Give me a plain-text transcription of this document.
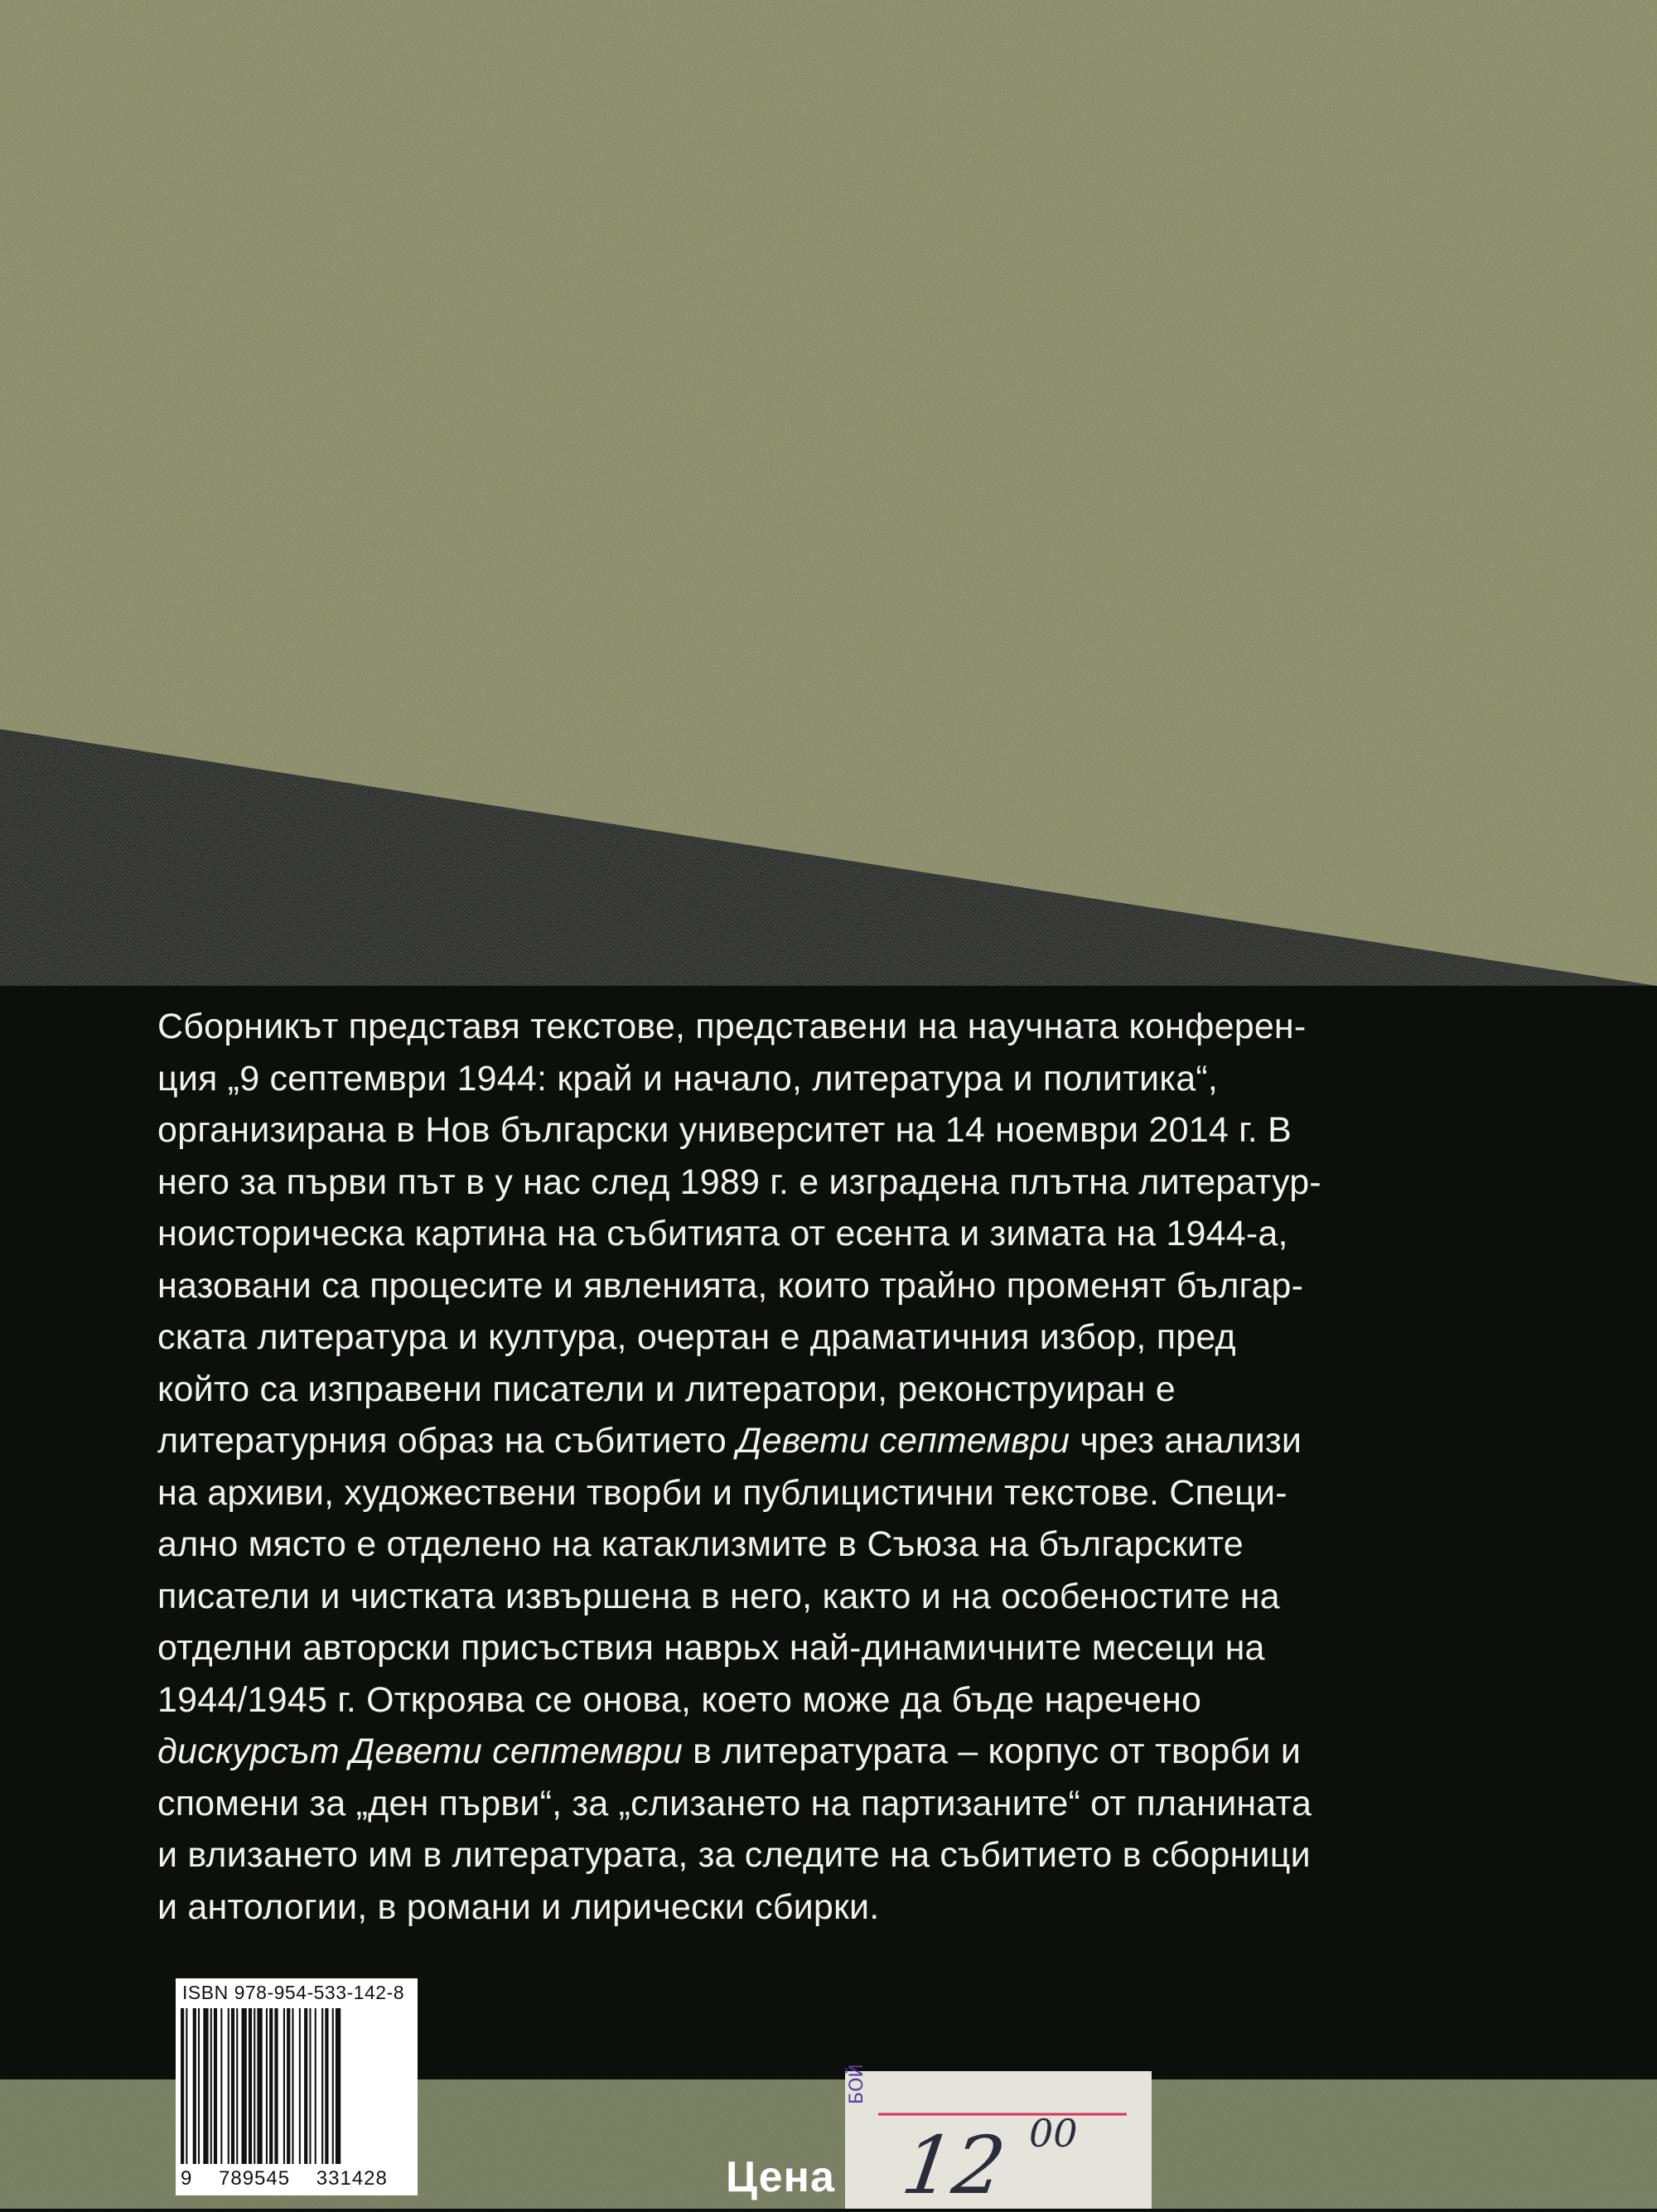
Сборникът представя текстове, представени на научната конферен-

ция „9 септември 1944: край и начало, литература и политика“,

организирана в Нов български университет на 14 ноември 2014 г. В

него за първи път в у нас след 1989 г. е изградена плътна литератур-

ноисторическа картина на събитията от есента и зимата на 1944-а,

назовани са процесите и явленията, които трайно променят българ-

ската литература и култура, очертан е драматичния избор, пред

който са изправени писатели и литератори, реконструиран е

литературния образ на събитието Девети септември чрез анализи

на архиви, художествени творби и публицистични текстове. Специ-

ално място е отделено на катаклизмите в Съюза на българските

писатели и чистката извършена в него, както и на особеностите на

отделни авторски присъствия наврьх най-динамичните месеци на

1944/1945 г. Откроява се онова, което може да бъде наречено

дискурсът Девети септември в литературата – корпус от творби и

спомени за „ден първи“, за „слизането на партизаните“ от планината

и влизането им в литературата, за следите на събитието в сборници

и антологии, в романи и лирически сбирки.

ISBN 978-954-533-142-8
9 789545 331428	Цена
БОЙ
12 00
